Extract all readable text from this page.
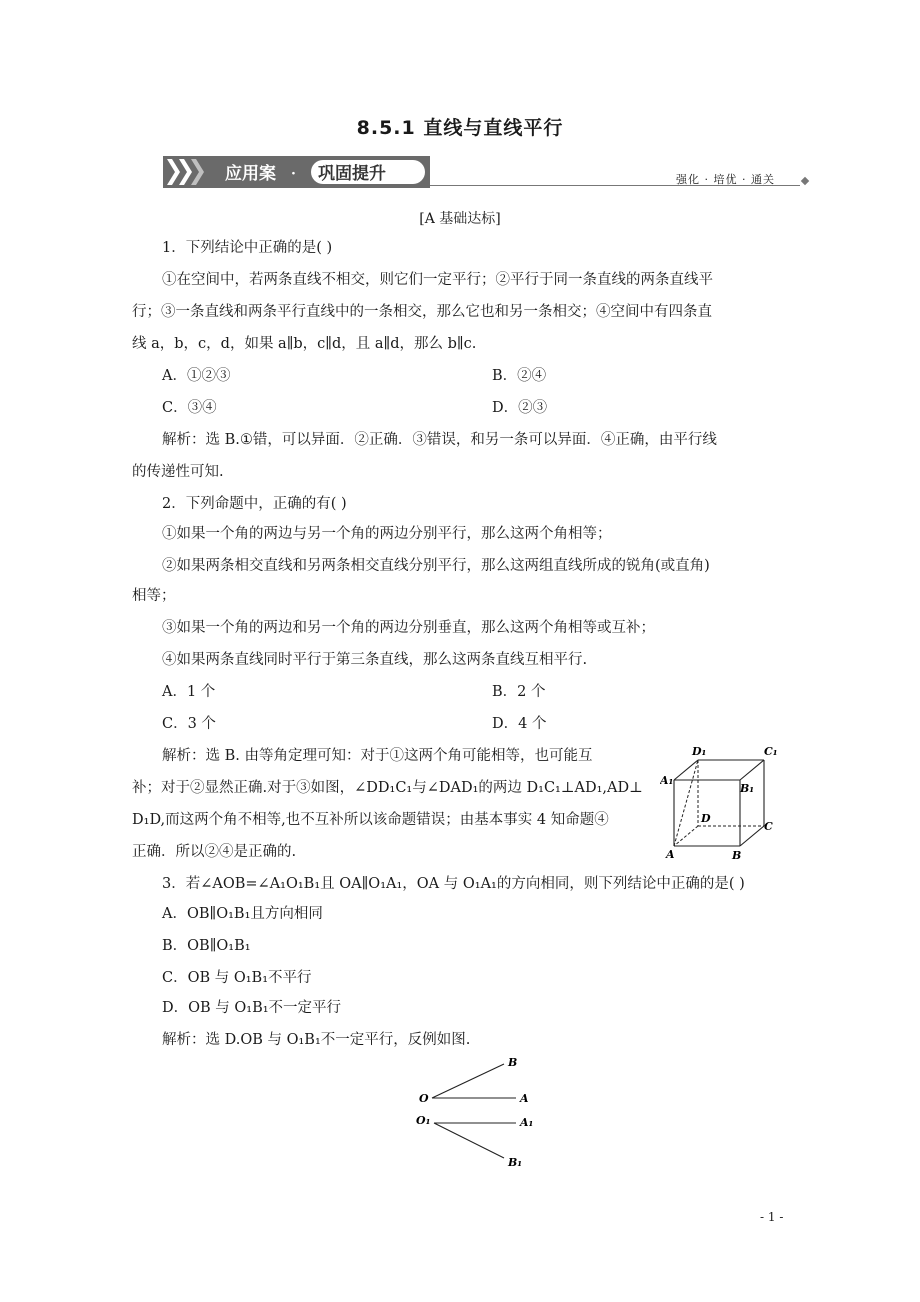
8.5.1 直线与直线平行
应用案 · 巩固提升	强化 · 培优 · 通关
[A 基础达标]
1．下列结论中正确的是( )
①在空间中，若两条直线不相交，则它们一定平行；②平行于同一条直线的两条直线平
行；③一条直线和两条平行直线中的一条相交，那么它也和另一条相交；④空间中有四条直
线 a，b，c，d，如果 a∥b，c∥d，且 a∥d，那么 b∥c.
A．①②③	B．②④
C．③④	D．②③
解析：选 B.①错，可以异面．②正确．③错误，和另一条可以异面．④正确，由平行线
的传递性可知.
2．下列命题中，正确的有( )
①如果一个角的两边与另一个角的两边分别平行，那么这两个角相等；
②如果两条相交直线和另两条相交直线分别平行，那么这两组直线所成的锐角(或直角)
相等；
③如果一个角的两边和另一个角的两边分别垂直，那么这两个角相等或互补；
④如果两条直线同时平行于第三条直线，那么这两条直线互相平行.
A．1 个	B．2 个
C．3 个	D．4 个
解析：选 B. 由等角定理可知：对于①这两个角可能相等，也可能互
补；对于②显然正确.对于③如图，∠DD₁C₁与∠DAD₁的两边 D₁C₁⊥AD₁,AD⊥
D₁D,而这两个角不相等,也不互补所以该命题错误；由基本事实 4 知命题④
正确．所以②④是正确的.
D₁	C₁
A₁
B₁
D
C
A	B
3．若∠AOB=∠A₁O₁B₁且 OA∥O₁A₁，OA 与 O₁A₁的方向相同，则下列结论中正确的是( )
A．OB∥O₁B₁且方向相同
B．OB∥O₁B₁
C．OB 与 O₁B₁不平行
D．OB 与 O₁B₁不一定平行
解析：选 D.OB 与 O₁B₁不一定平行，反例如图.
B
O	A
O₁	A₁
B₁
- 1 -
